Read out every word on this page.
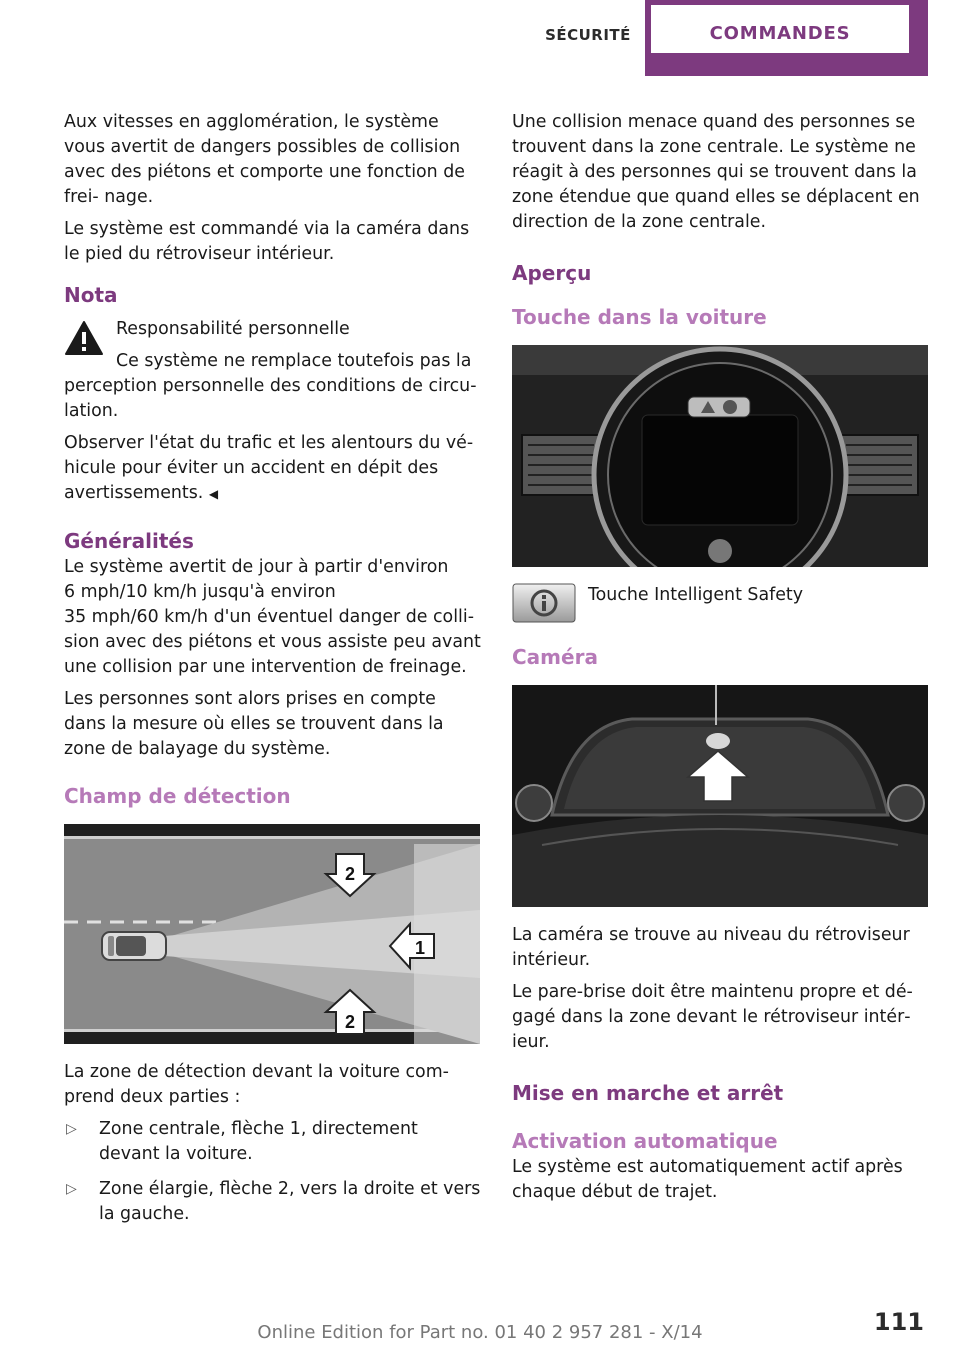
SÉCURITÉ	COMMANDES

Aux vitesses en agglomération, le système vous avertit de dangers possibles de collision avec des piétons et comporte une fonction de frei‐ nage.

Le système est commandé via la caméra dans le pied du rétroviseur intérieur.

Nota

Responsabilité personnelle

Ce système ne remplace toutefois pas la

perception personnelle des conditions de circu‐ lation.

Observer l'état du trafic et les alentours du vé‐ hicule pour éviter un accident en dépit des avertissements. ◀

Généralités

Le système avertit de jour à partir d'environ
6 mph/10 km/h jusqu'à environ
35 mph/60 km/h d'un éventuel danger de colli‐ sion avec des piétons et vous assiste peu avant une collision par une intervention de freinage.

Les personnes sont alors prises en compte dans la mesure où elles se trouvent dans la zone de balayage du système.

Champ de détection
2
1
2

La zone de détection devant la voiture com‐ prend deux parties :

▷ Zone centrale, flèche 1, directement devant la voiture.
▷ Zone élargie, flèche 2, vers la droite et vers la gauche.

Une collision menace quand des personnes se trouvent dans la zone centrale. Le système ne réagit à des personnes qui se trouvent dans la zone étendue que quand elles se déplacent en direction de la zone centrale.

Aperçu
Touche dans la voiture

Touche Intelligent Safety

Caméra

La caméra se trouve au niveau du rétroviseur intérieur.

Le pare-brise doit être maintenu propre et dé‐ gagé dans la zone devant le rétroviseur intér‐ ieur.

Mise en marche et arrêt
Activation automatique

Le système est automatiquement actif après chaque début de trajet.

111
Online Edition for Part no. 01 40 2 957 281 - X/14
